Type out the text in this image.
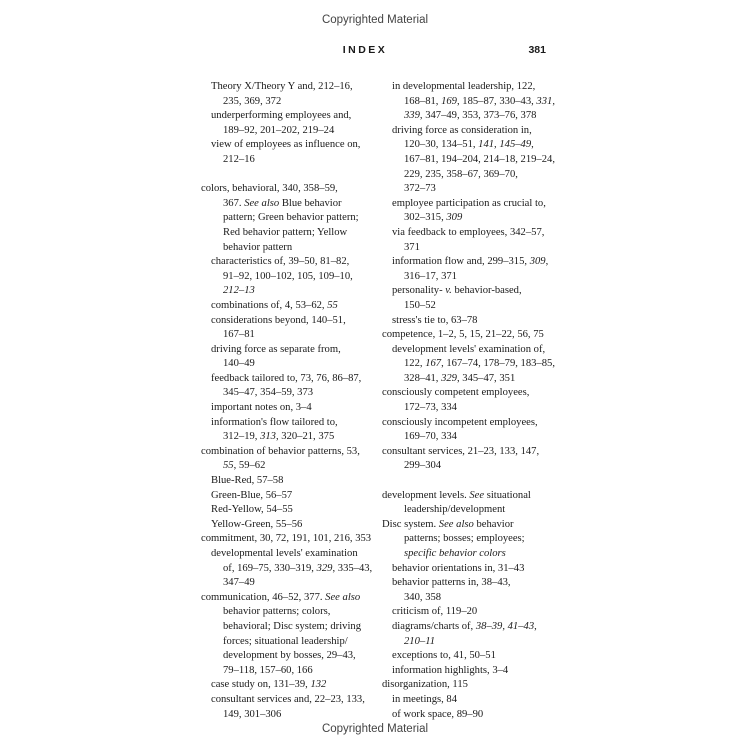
Copyrighted Material
INDEX	381
Theory X/Theory Y and, 212–16,
235, 369, 372
underperforming employees and,
189–92, 201–202, 219–24
view of employees as influence on,
212–16
colors, behavioral, 340, 358–59,
367. See also Blue behavior
pattern; Green behavior pattern;
Red behavior pattern; Yellow
behavior pattern
characteristics of, 39–50, 81–82,
91–92, 100–102, 105, 109–10,
212–13
combinations of, 4, 53–62, 55
considerations beyond, 140–51,
167–81
driving force as separate from,
140–49
feedback tailored to, 73, 76, 86–87,
345–47, 354–59, 373
important notes on, 3–4
information's flow tailored to,
312–19, 313, 320–21, 375
combination of behavior patterns, 53,
55, 59–62
Blue-Red, 57–58
Green-Blue, 56–57
Red-Yellow, 54–55
Yellow-Green, 55–56
commitment, 30, 72, 191, 101, 216, 353
developmental levels' examination
of, 169–75, 330–319, 329, 335–43,
347–49
communication, 46–52, 377. See also
behavior patterns; colors,
behavioral; Disc system; driving
forces; situational leadership/
development by bosses, 29–43,
79–118, 157–60, 166
case study on, 131–39, 132
consultant services and, 22–23, 133,
149, 301–306
in developmental leadership, 122,
168–81, 169, 185–87, 330–43, 331,
339, 347–49, 353, 373–76, 378
driving force as consideration in,
120–30, 134–51, 141, 145–49,
167–81, 194–204, 214–18, 219–24,
229, 235, 358–67, 369–70,
372–73
employee participation as crucial to,
302–315, 309
via feedback to employees, 342–57,
371
information flow and, 299–315, 309,
316–17, 371
personality- v. behavior-based,
150–52
stress's tie to, 63–78
competence, 1–2, 5, 15, 21–22, 56, 75
development levels' examination of,
122, 167, 167–74, 178–79, 183–85,
328–41, 329, 345–47, 351
consciously competent employees,
172–73, 334
consciously incompetent employees,
169–70, 334
consultant services, 21–23, 133, 147,
299–304
development levels. See situational
leadership/development
Disc system. See also behavior
patterns; bosses; employees;
specific behavior colors
behavior orientations in, 31–43
behavior patterns in, 38–43,
340, 358
criticism of, 119–20
diagrams/charts of, 38–39, 41–43,
210–11
exceptions to, 41, 50–51
information highlights, 3–4
disorganization, 115
in meetings, 84
of work space, 89–90
Copyrighted Material
